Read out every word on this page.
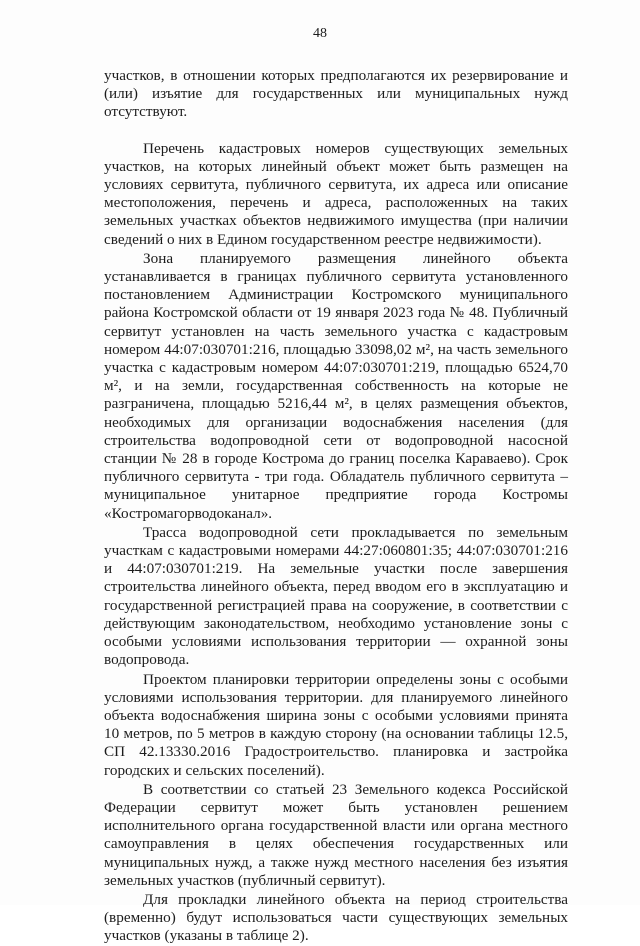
48

участков, в отношении которых предполагаются их резервирование и (или) изъятие для государственных или муниципальных нужд отсутствуют.

Перечень кадастровых номеров существующих земельных участков, на которых линейный объект может быть размещен на условиях сервитута, публичного сервитута, их адреса или описание местоположения, перечень и адреса, расположенных на таких земельных участках объектов недвижимого имущества (при наличии сведений о них в Едином государственном реестре недвижимости).

Зона планируемого размещения линейного объекта устанавливается в границах публичного сервитута установленного постановлением Администрации Костромского муниципального района Костромской области от 19 января 2023 года № 48. Публичный сервитут установлен на часть земельного участка с кадастровым номером 44:07:030701:216, площадью 33098,02 м², на часть земельного участка с кадастровым номером 44:07:030701:219, площадью 6524,70 м², и на земли, государственная собственность на которые не разграничена, площадью 5216,44 м², в целях размещения объектов, необходимых для организации водоснабжения населения (для строительства водопроводной сети от водопроводной насосной станции № 28 в городе Кострома до границ поселка Караваево). Срок публичного сервитута - три года. Обладатель публичного сервитута – муниципальное унитарное предприятие города Костромы «Костромагорводоканал».

Трасса водопроводной сети прокладывается по земельным участкам с кадастровыми номерами 44:27:060801:35; 44:07:030701:216 и 44:07:030701:219. На земельные участки после завершения строительства линейного объекта, перед вводом его в эксплуатацию и государственной регистрацией права на сооружение, в соответствии с действующим законодательством, необходимо установление зоны с особыми условиями использования территории — охранной зоны водопровода.

Проектом планировки территории определены зоны с особыми условиями использования территории. для планируемого линейного объекта водоснабжения ширина зоны с особыми условиями принята 10 метров, по 5 метров в каждую сторону (на основании таблицы 12.5, СП 42.13330.2016 Градостроительство. планировка и застройка городских и сельских поселений).

В соответствии со статьей 23 Земельного кодекса Российской Федерации сервитут может быть установлен решением исполнительного органа государственной власти или органа местного самоуправления в целях обеспечения государственных или муниципальных нужд, а также нужд местного населения без изъятия земельных участков (публичный сервитут).

Для прокладки линейного объекта на период строительства (временно) будут использоваться части существующих земельных участков (указаны в таблице 2).
